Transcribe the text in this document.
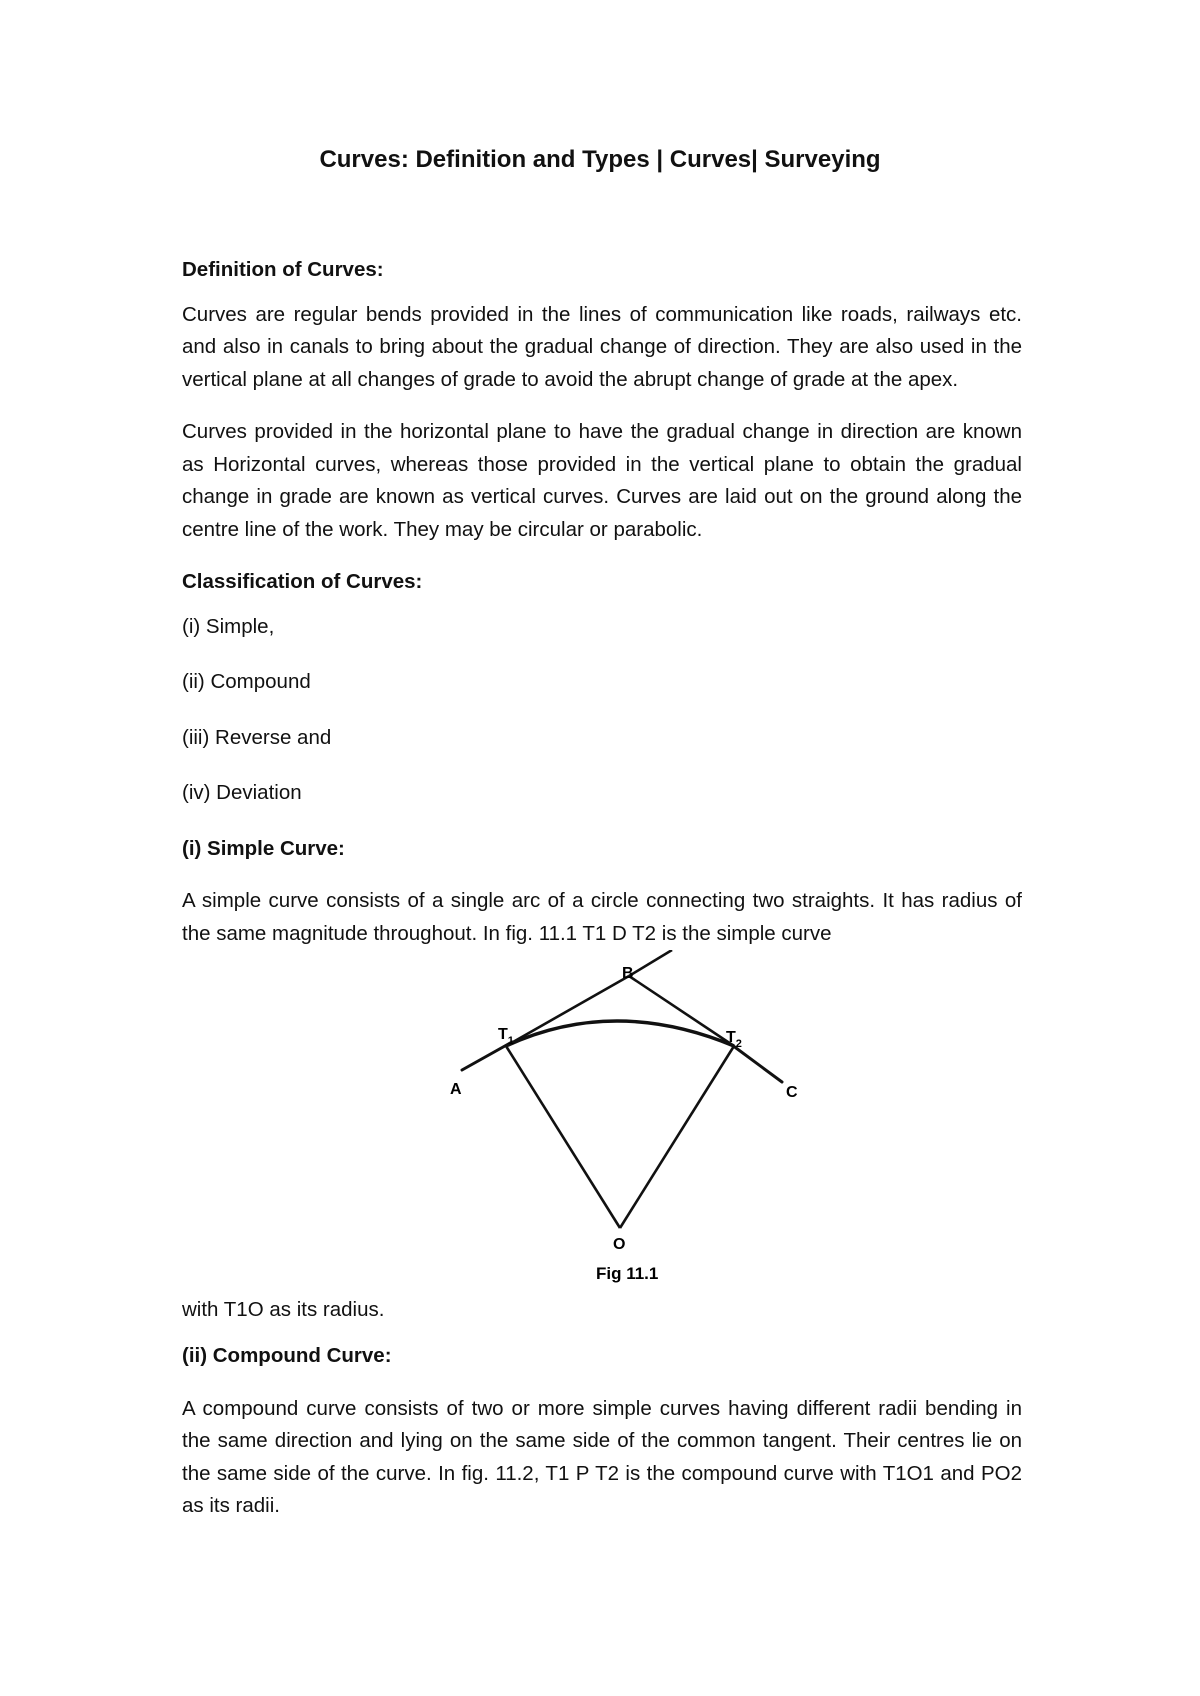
Curves: Definition and Types | Curves| Surveying

Definition of Curves:

Curves are regular bends provided in the lines of communication like roads, railways etc. and also in canals to bring about the gradual change of direction. They are also used in the vertical plane at all changes of grade to avoid the abrupt change of grade at the apex.

Curves provided in the horizontal plane to have the gradual change in direction are known as Horizontal curves, whereas those provided in the vertical plane to obtain the gradual change in grade are known as vertical curves. Curves are laid out on the ground along the centre line of the work. They may be circular or parabolic.

Classification of Curves:

(i) Simple,

(ii) Compound

(iii) Reverse and

(iv) Deviation

(i) Simple Curve:

A simple curve consists of a single arc of a circle connecting two straights. It has radius of the same magnitude throughout. In fig. 11.1 T1 D T2 is the simple curve

with T1O as its radius.
B
$T_1$	$T_2$
A	C
O
Fig 11.1

(ii) Compound Curve:

A compound curve consists of two or more simple curves having different radii bending in the same direction and lying on the same side of the common tangent. Their centres lie on the same side of the curve. In fig. 11.2, T1 P T2 is the compound curve with T1O1 and PO2 as its radii.
